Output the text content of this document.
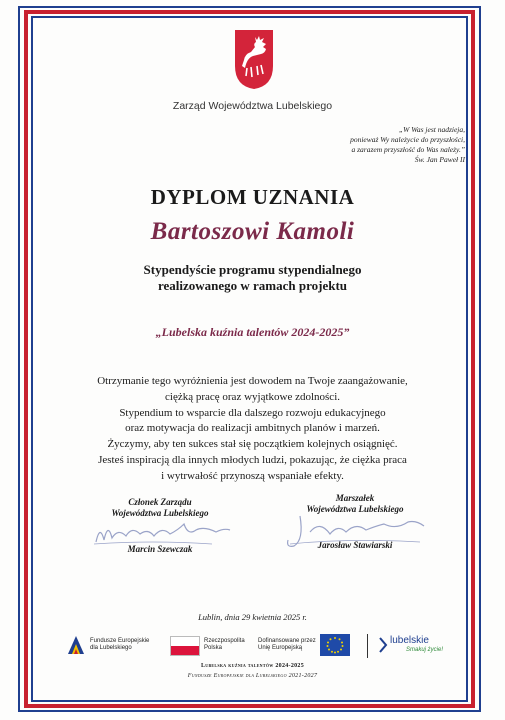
Zarząd Województwa Lubelskiego
„W Was jest nadzieja,
ponieważ Wy należycie do przyszłości,
a zarazem przyszłość do Was należy.”
Św. Jan Paweł II
DYPLOM UZNANIA
Bartoszowi Kamoli
Stypendyście programu stypendialnego
realizowanego w ramach projektu
„Lubelska kuźnia talentów 2024-2025”
Otrzymanie tego wyróżnienia jest dowodem na Twoje zaangażowanie,
ciężką pracę oraz wyjątkowe zdolności.
Stypendium to wsparcie dla dalszego rozwoju edukacyjnego
oraz motywacja do realizacji ambitnych planów i marzeń.
Życzymy, aby ten sukces stał się początkiem kolejnych osiągnięć.
Jesteś inspiracją dla innych młodych ludzi, pokazując, że ciężka praca
i wytrwałość przynoszą wspaniałe efekty.
Członek Zarządu
Województwa Lubelskiego
Marcin Szewczak
Marszałek
Województwa Lubelskiego
Jarosław Stawiarski
Lublin, dnia 29 kwietnia 2025 r.
Fundusze Europejskie
dla Lubelskiego
Rzeczpospolita
Polska
Dofinansowane przez
Unię Europejską
lubelskie
Smakuj życie!
Lubelska kuźnia talentów 2024-2025
Fundusze Europejskie dla Lubelskiego 2021-2027
